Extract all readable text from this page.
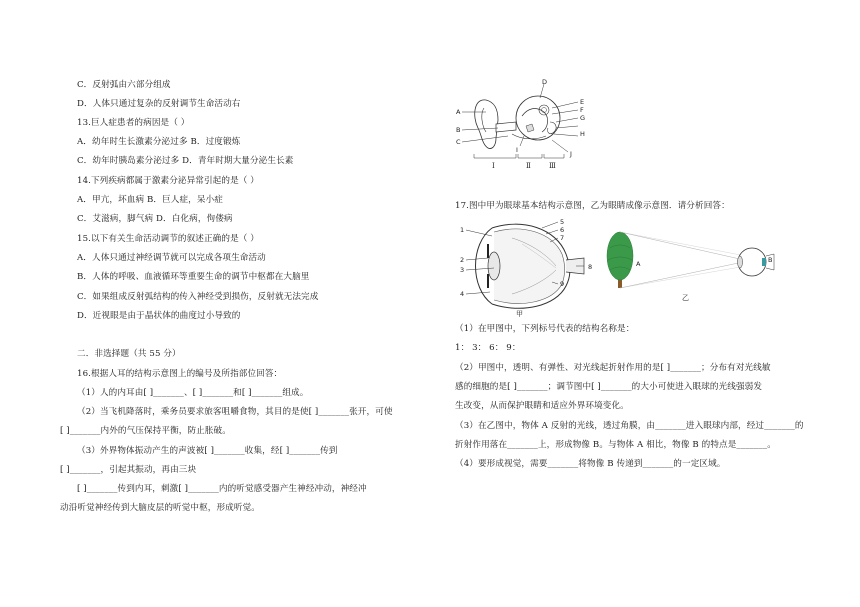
C．反射弧由六部分组成
D．人体只通过复杂的反射调节生命活动右
13.巨人症患者的病因是（ ）
A．幼年时生长激素分泌过多 B．过度锻炼
C．幼年时胰岛素分泌过多 D．青年时期大量分泌生长素
14.下列疾病都属于激素分泌异常引起的是（ ）
A．甲亢，坏血病 B．巨人症，呆小症
C．艾滋病，脚气病 D．白化病，佝偻病
15.以下有关生命活动调节的叙述正确的是（ ）
A．人体只通过神经调节就可以完成各项生命活动
B．人体的呼吸、血液循环等重要生命的调节中枢都在大脑里
C．如果组成反射弧结构的传入神经受到损伤，反射就无法完成
D．近视眼是由于晶状体的曲度过小导致的
二．非选择题（共 55 分）
16.根据人耳的结构示意图上的编号及所指部位回答：
（1）人的内耳由[ ]_______、[ ]_______和[ ]_______组成。
（2）当飞机降落时，乘务员要求旅客咀嚼食物，其目的是使[ ]_______张开，可使
[ ]_______内外的气压保持平衡，防止胀破。
（3）外界物体振动产生的声波被[ ]_______收集，经[ ]_______传到
[ ]_______，引起其振动，再由三块
[ ]_______传到内耳，刺激[ ]_______内的听觉感受器产生神经冲动，神经冲
动沿听觉神经传到大脑皮层的听觉中枢，形成听觉。
A
B
C
D
E
F
G
H
I	J
Ⅰ	Ⅱ	Ⅲ
17.图中甲为眼球基本结构示意图，乙为眼睛成像示意图．请分析回答：
1
2
3
4
5
6
7
8
9
甲
A	B
乙
（1）在甲图中，下列标号代表的结构名称是：
1： 3： 6： 9：
（2）甲图中，透明、有弹性、对光线起折射作用的是[ ]_______；分布有对光线敏
感的细胞的是[ ]_______；调节图中[ ]_______的大小可使进入眼球的光线强弱发
生改变，从而保护眼睛和适应外界环境变化。
（3）在乙图中，物体 A 反射的光线，透过角膜，由_______进入眼球内部，经过_______的
折射作用落在_______上，形成物像 B。与物体 A 相比，物像 B 的特点是_______。
（4）要形成视觉，需要_______将物像 B 传递到_______的一定区域。
